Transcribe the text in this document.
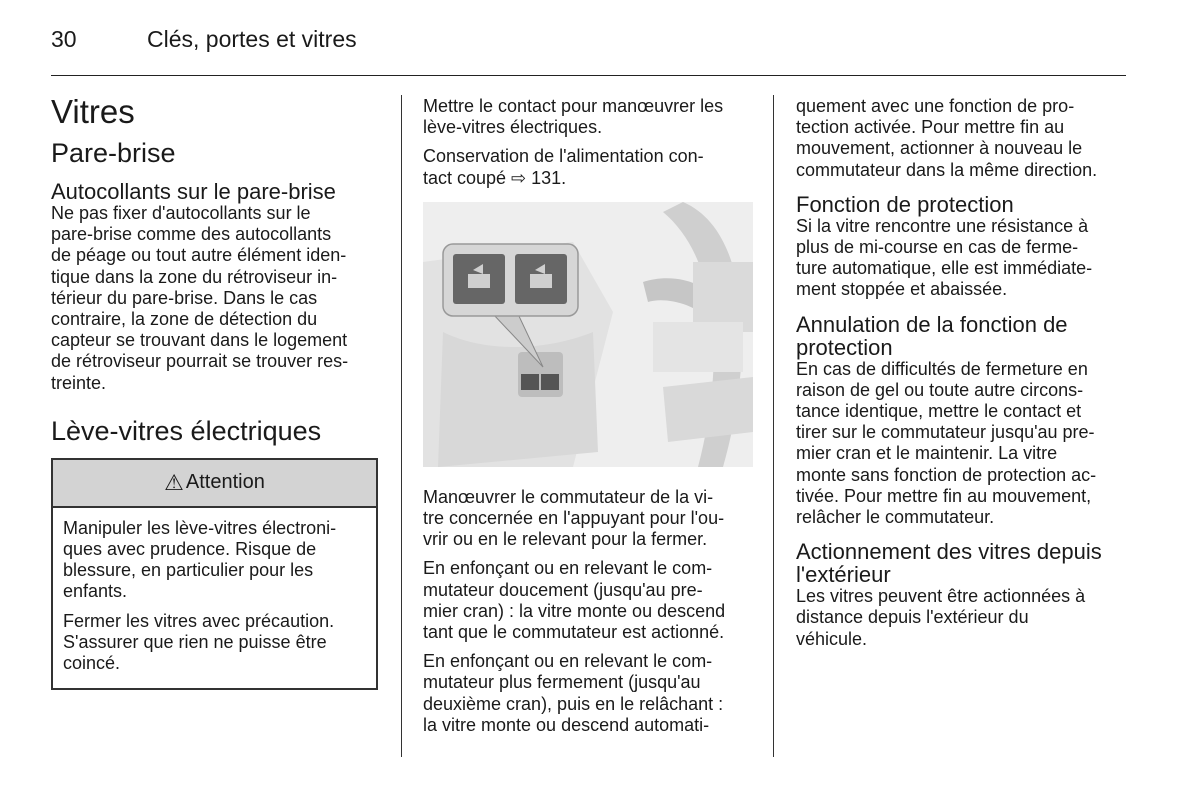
30	Clés, portes et vitres
Vitres
Pare-brise
Autocollants sur le pare-brise
Ne pas fixer d'autocollants sur le
pare-brise comme des autocollants
de péage ou tout autre élément iden‐
tique dans la zone du rétroviseur in‐
térieur du pare-brise. Dans le cas
contraire, la zone de détection du
capteur se trouvant dans le logement
de rétroviseur pourrait se trouver res‐
treinte.
Lève-vitres électriques
⚠ Attention
Manipuler les lève-vitres électroni‐
ques avec prudence. Risque de
blessure, en particulier pour les
enfants.
Fermer les vitres avec précaution.
S'assurer que rien ne puisse être
coincé.
Mettre le contact pour manœuvrer les
lève-vitres électriques.
Conservation de l'alimentation con‐
tact coupé ⇨ 131.
Manœuvrer le commutateur de la vi‐
tre concernée en l'appuyant pour l'ou‐
vrir ou en le relevant pour la fermer.
En enfonçant ou en relevant le com‐
mutateur doucement (jusqu'au pre‐
mier cran) : la vitre monte ou descend
tant que le commutateur est actionné.
En enfonçant ou en relevant le com‐
mutateur plus fermement (jusqu'au
deuxième cran), puis en le relâchant :
la vitre monte ou descend automati‐
quement avec une fonction de pro‐
tection activée. Pour mettre fin au
mouvement, actionner à nouveau le
commutateur dans la même direction.
Fonction de protection
Si la vitre rencontre une résistance à
plus de mi-course en cas de ferme‐
ture automatique, elle est immédiate‐
ment stoppée et abaissée.
Annulation de la fonction de
protection
En cas de difficultés de fermeture en
raison de gel ou toute autre circons‐
tance identique, mettre le contact et
tirer sur le commutateur jusqu'au pre‐
mier cran et le maintenir. La vitre
monte sans fonction de protection ac‐
tivée. Pour mettre fin au mouvement,
relâcher le commutateur.
Actionnement des vitres depuis
l'extérieur
Les vitres peuvent être actionnées à
distance depuis l'extérieur du
véhicule.
